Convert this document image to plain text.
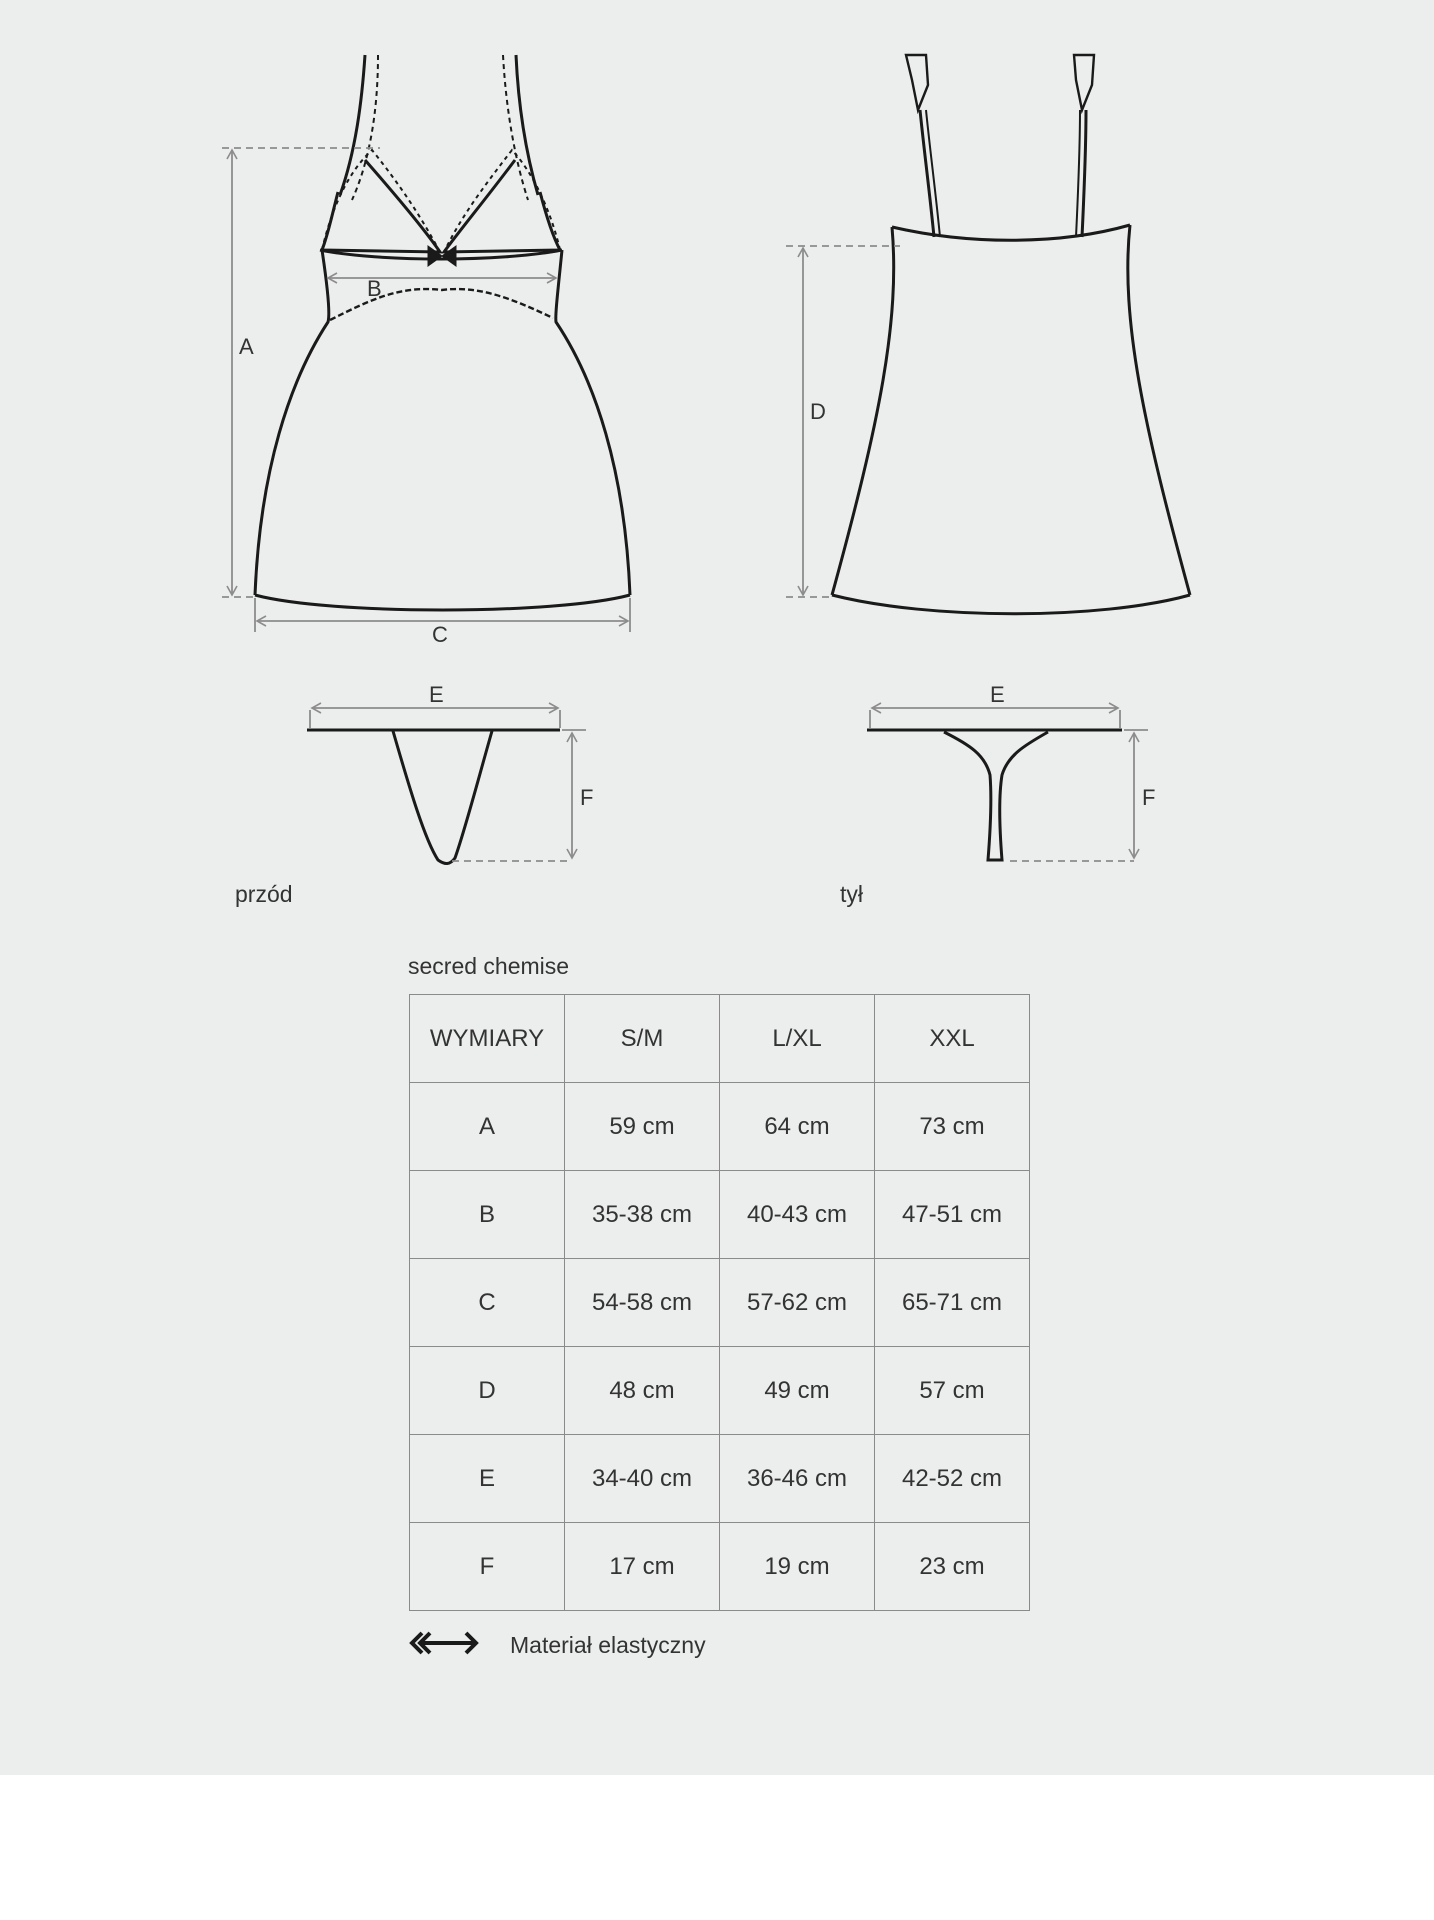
A
B
C
D
E	E
F	F
przód	tył
secred chemise
WYMIARY	S/M	L/XL	XXL
A	59 cm	64 cm	73 cm
B	35-38 cm	40-43 cm	47-51 cm
C	54-58 cm	57-62 cm	65-71 cm
D	48 cm	49 cm	57 cm
E	34-40 cm	36-46 cm	42-52 cm
F	17 cm	19 cm	23 cm
Materiał elastyczny
